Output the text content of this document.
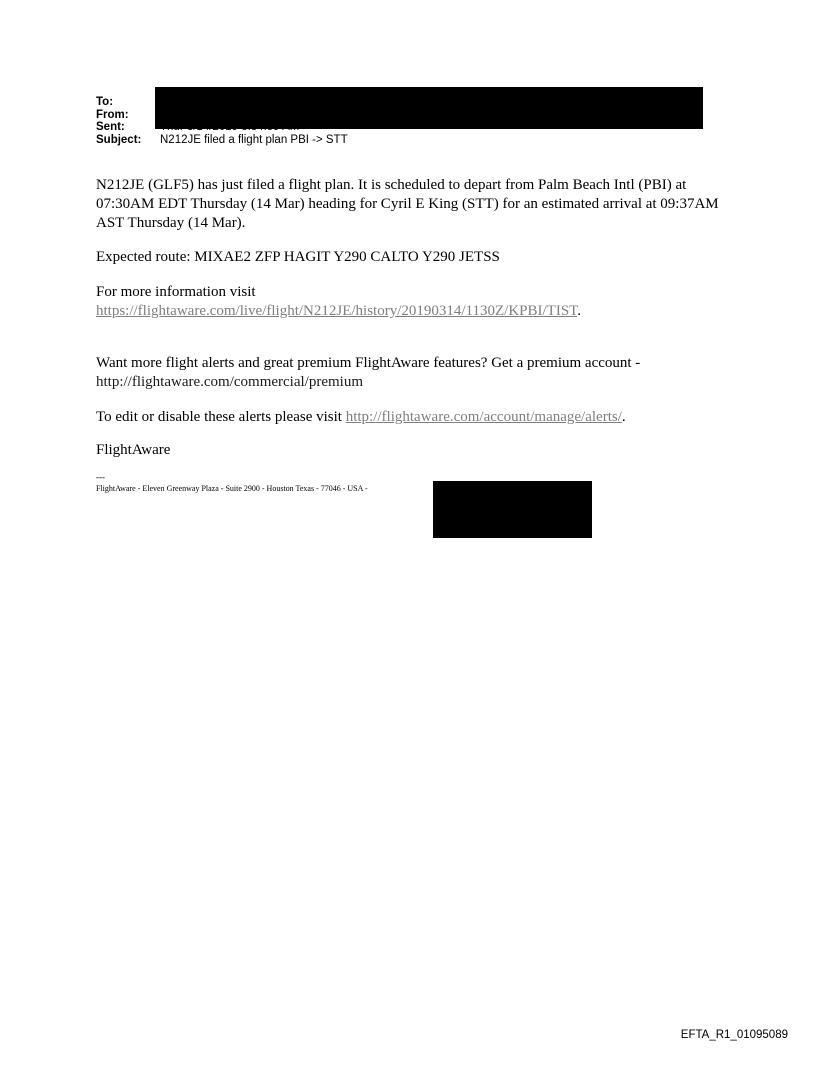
To:
From:
Sent:
Subject:	N212JE filed a flight plan PBI -> STT
N212JE (GLF5) has just filed a flight plan. It is scheduled to depart from Palm Beach Intl (PBI) at 07:30AM EDT Thursday (14 Mar) heading for Cyril E King (STT) for an estimated arrival at 09:37AM AST Thursday (14 Mar).
Expected route: MIXAE2 ZFP HAGIT Y290 CALTO Y290 JETSS
For more information visit
https://flightaware.com/live/flight/N212JE/history/20190314/1130Z/KPBI/TIST.
Want more flight alerts and great premium FlightAware features? Get a premium account -
http://flightaware.com/commercial/premium
To edit or disable these alerts please visit http://flightaware.com/account/manage/alerts/.
FlightAware
---
FlightAware - Eleven Greenway Plaza - Suite 2900 - Houston Texas - 77046 - USA -
EFTA_R1_01095089
